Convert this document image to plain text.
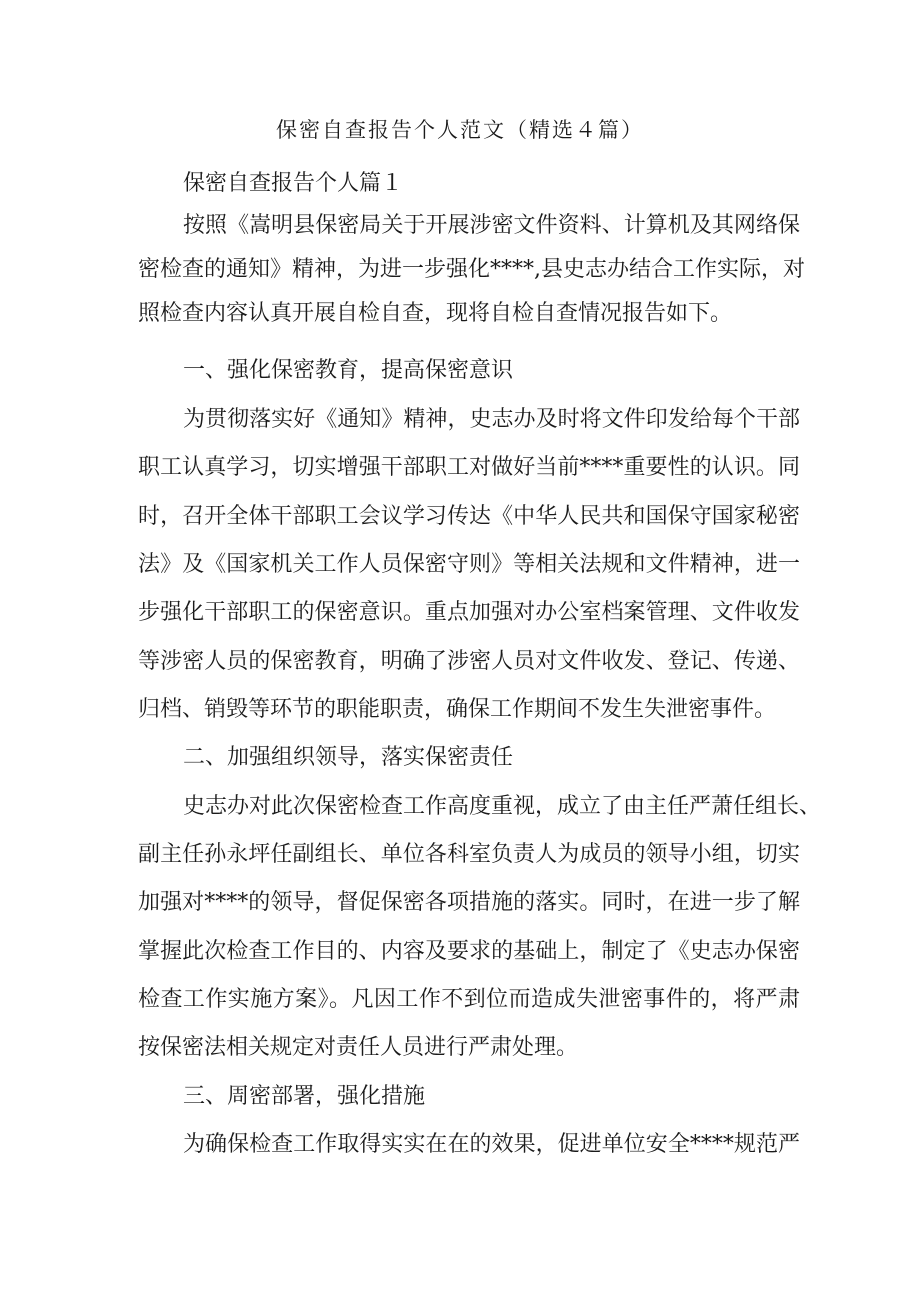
保密自查报告个人范文（精选４篇）

保密自查报告个人篇１

按照《嵩明县保密局关于开展涉密文件资料、计算机及其网络保

密检查的通知》精神，为进一步强化****,县史志办结合工作实际，对

照检查内容认真开展自检自查，现将自检自查情况报告如下。

一、强化保密教育，提高保密意识

为贯彻落实好《通知》精神，史志办及时将文件印发给每个干部

职工认真学习，切实增强干部职工对做好当前****重要性的认识。同

时，召开全体干部职工会议学习传达《中华人民共和国保守国家秘密

法》及《国家机关工作人员保密守则》等相关法规和文件精神，进一

步强化干部职工的保密意识。重点加强对办公室档案管理、文件收发

等涉密人员的保密教育，明确了涉密人员对文件收发、登记、传递、

归档、销毁等环节的职能职责，确保工作期间不发生失泄密事件。

二、加强组织领导，落实保密责任

史志办对此次保密检查工作高度重视，成立了由主任严萧任组长、

副主任孙永坪任副组长、单位各科室负责人为成员的领导小组，切实

加强对****的领导，督促保密各项措施的落实。同时，在进一步了解

掌握此次检查工作目的、内容及要求的基础上，制定了《史志办保密

检查工作实施方案》。凡因工作不到位而造成失泄密事件的，将严肃

按保密法相关规定对责任人员进行严肃处理。

三、周密部署，强化措施

为确保检查工作取得实实在在的效果，促进单位安全****规范严
